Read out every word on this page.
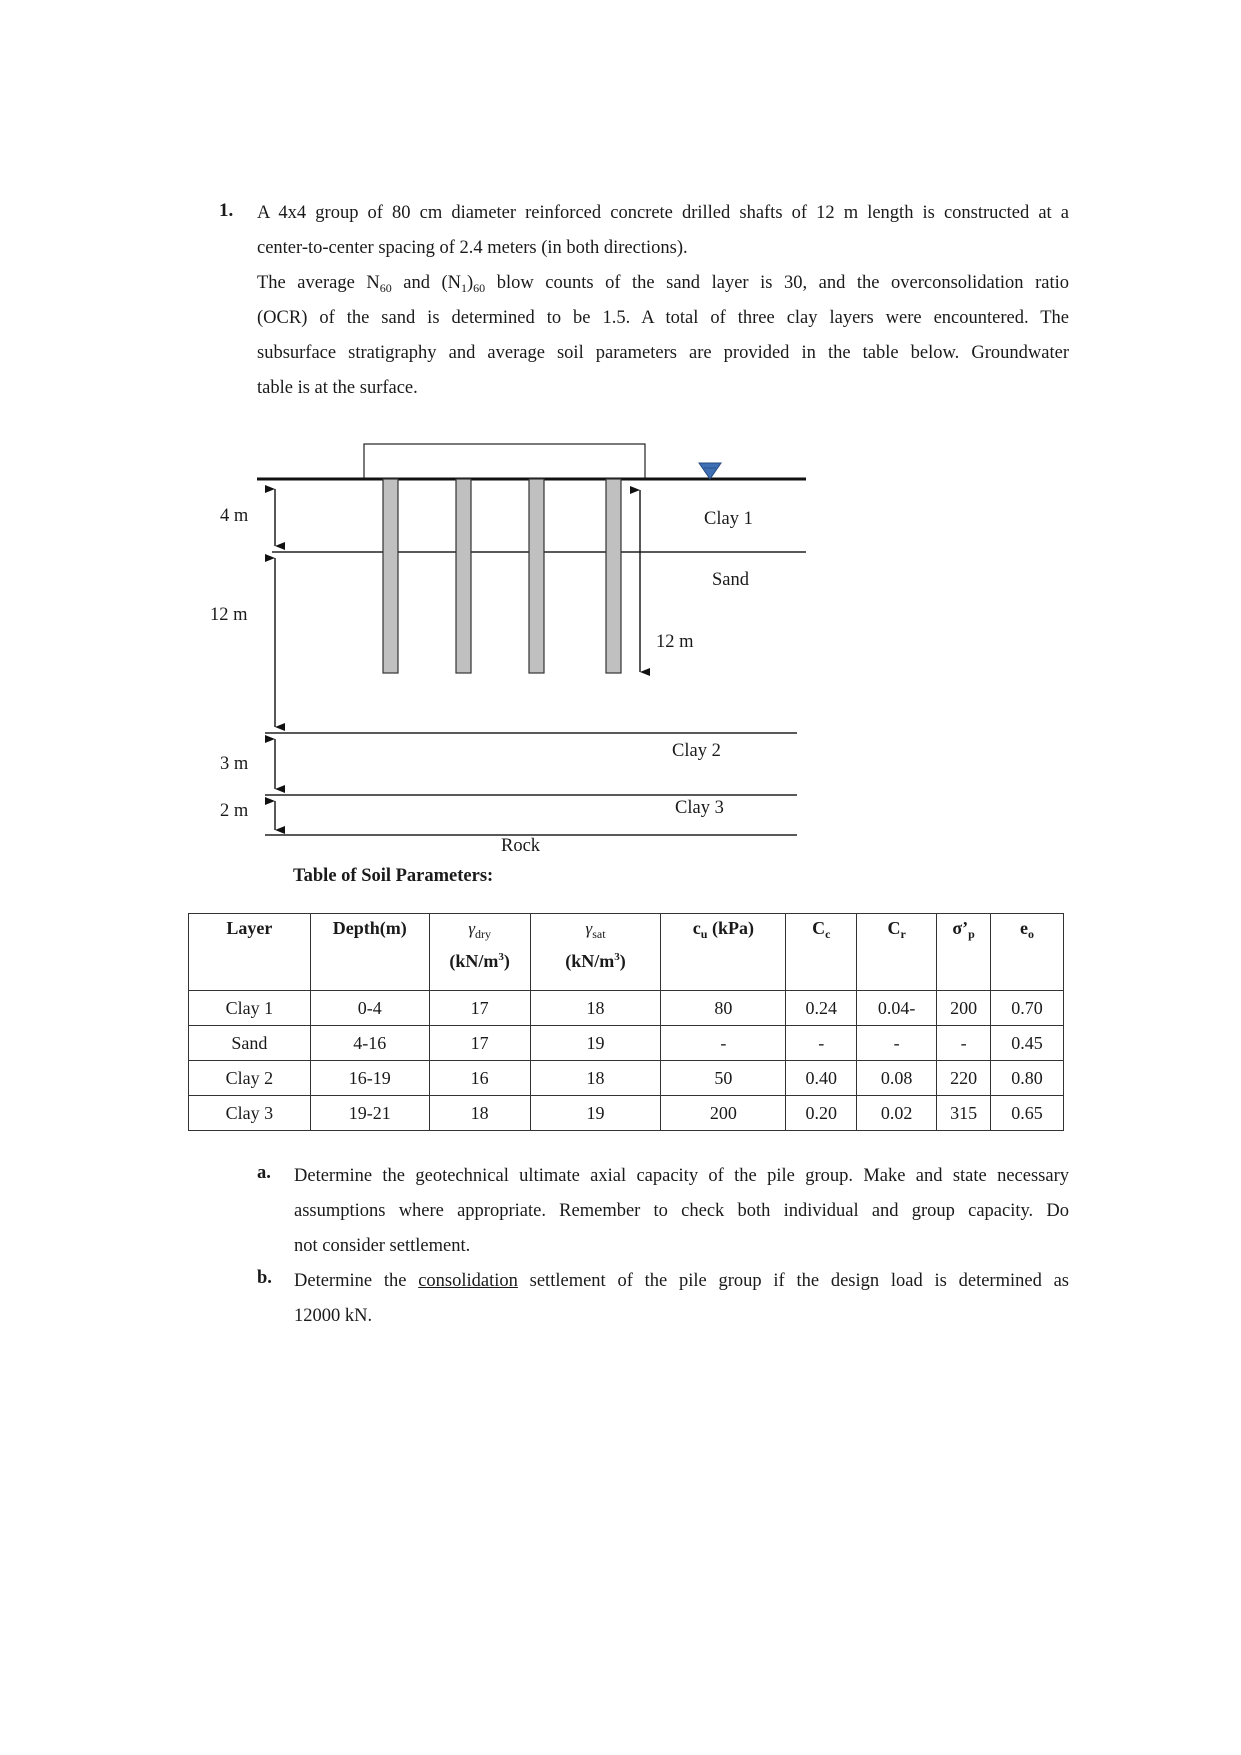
1. A 4x4 group of 80 cm diameter reinforced concrete drilled shafts of 12 m length is constructed at a
center-to-center spacing of 2.4 meters (in both directions).
The average $N_{60}$ and $(N_1)_{60}$ blow counts of the sand layer is 30, and the overconsolidation ratio
(OCR) of the sand is determined to be 1.5. A total of three clay layers were encountered. The
subsurface stratigraphy and average soil parameters are provided in the table below. Groundwater
table is at the surface.
4 m
12 m
3 m
2 m
12 m
Clay 1
Sand
Clay 2
Clay 3
Rock
Table of Soil Parameters:
Layer	Depth(m)	$\gamma_{dry}$
$(kN/m^3)$	$\gamma_{sat}$
$(kN/m^3)$	$c_u$ (kPa)	$C_c$	$C_r$	$\sigma’_p$	$e_o$
Clay 1	0-4	17	18	80	0.24	0.04-	200	0.70
Sand	4-16	17	19	-	-	-	-	0.45
Clay 2	16-19	16	18	50	0.40	0.08	220	0.80
Clay 3	19-21	18	19	200	0.20	0.02	315	0.65
a. Determine the geotechnical ultimate axial capacity of the pile group. Make and state necessary
assumptions where appropriate. Remember to check both individual and group capacity. Do
not consider settlement.
b. Determine the consolidation settlement of the pile group if the design load is determined as
12000 kN.
